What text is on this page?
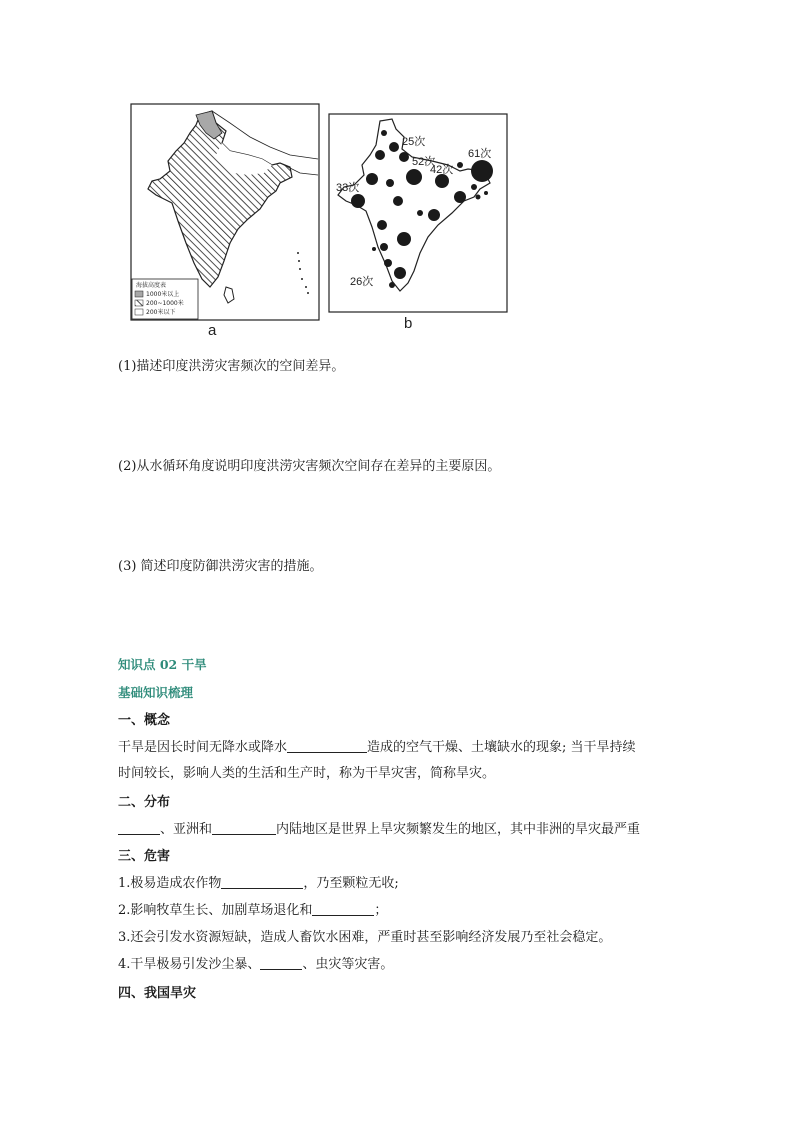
海拔高度表
1000米以上
200~1000米
200米以下
a
25次
52次
61次
42次
33次
26次
b
(1)描述印度洪涝灾害频次的空间差异。
(2)从水循环角度说明印度洪涝灾害频次空间存在差异的主要原因。
(3) 简述印度防御洪涝灾害的措施。
知识点 02 干旱
基础知识梳理
一、概念
干旱是因长时间无降水或降水	造成的空气干燥、土壤缺水的现象; 当干旱持续
时间较长，影响人类的生活和生产时，称为干旱灾害，简称旱灾。
二、分布
、亚洲和	内陆地区是世界上旱灾频繁发生的地区，其中非洲的旱灾最严重
三、危害
1.极易造成农作物	，乃至颗粒无收;
2.影响牧草生长、加剧草场退化和	；
3.还会引发水资源短缺，造成人畜饮水困难，严重时甚至影响经济发展乃至社会稳定。
4.干旱极易引发沙尘暴、	、虫灾等灾害。
四、我国旱灾
